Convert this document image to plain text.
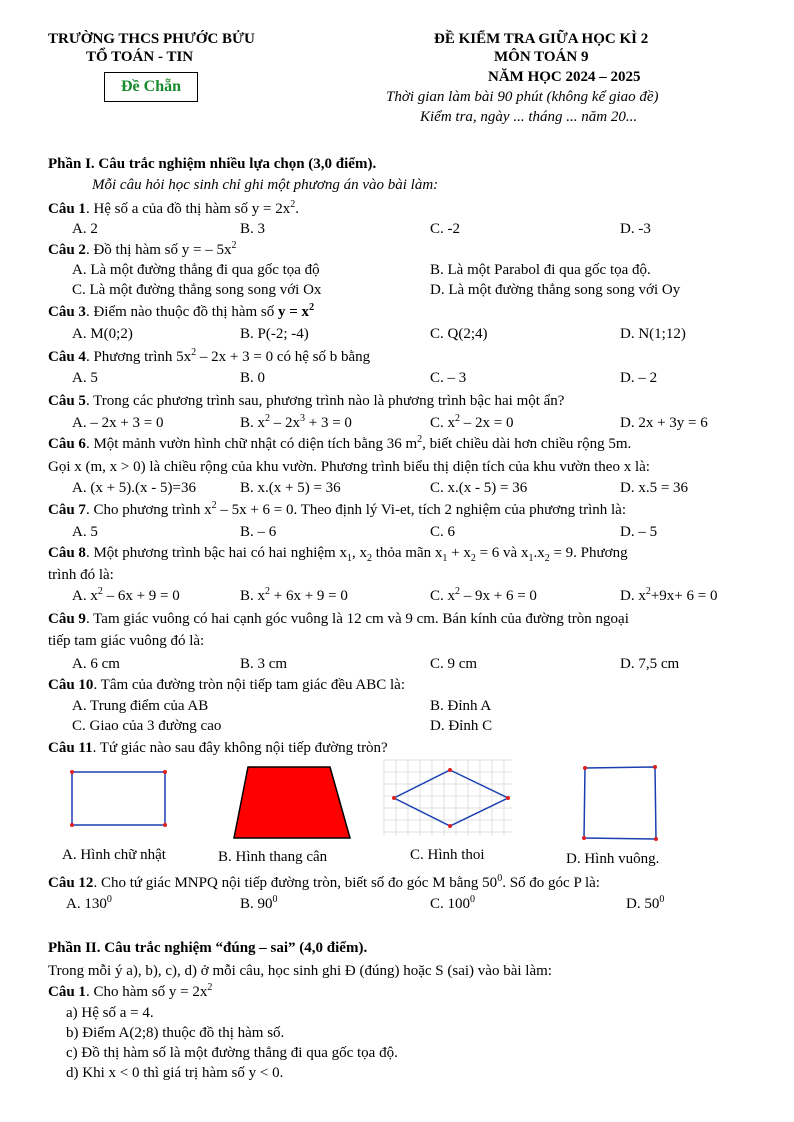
TRƯỜNG THCS PHƯỚC BỬU
TỔ TOÁN - TIN
Đề Chẵn
ĐỀ KIỂM TRA GIỮA HỌC KÌ 2
MÔN TOÁN 9
NĂM HỌC 2024 – 2025
Thời gian làm bài 90 phút (không kể giao đề)
Kiểm tra, ngày ... tháng ... năm 20...
Phần I. Câu trắc nghiệm nhiều lựa chọn (3,0 điểm).
Mỗi câu hỏi học sinh chỉ ghi một phương án vào bài làm:
Câu 1. Hệ số a của đồ thị hàm số $y = 2x^2$.
A. 2	B. 3	C. -2	D. -3
Câu 2. Đồ thị hàm số y = – $5x^2$
A. Là một đường thẳng đi qua gốc tọa độ	B. Là một Parabol đi qua gốc tọa độ.
C. Là một đường thẳng song song với Ox	D. Là một đường thẳng song song với Oy
Câu 3. Điểm nào thuộc đồ thị hàm số $y = x^2$
A. M(0;2)	B. P(-2; -4)	C. Q(2;4)	D. N(1;12)
Câu 4. Phương trình $5x^2 - 2x + 3 = 0$ có hệ số b bằng
A. 5	B. 0	C. – 3	D. – 2
Câu 5. Trong các phương trình sau, phương trình nào là phương trình bậc hai một ẩn?
A. – 2x + 3 = 0	B. $x^2 - 2x^3 + 3 = 0$	C. $x^2 - 2x = 0$	D. 2x + 3y = 6
Câu 6. Một mảnh vườn hình chữ nhật có diện tích bằng 36 $m^2$, biết chiều dài hơn chiều rộng 5m.
Gọi x (m, x > 0) là chiều rộng của khu vườn. Phương trình biểu thị diện tích của khu vườn theo x là:
A. (x + 5).(x - 5)=36	B. x.(x + 5) = 36	C. x.(x - 5) = 36	D. x.5 = 36
Câu 7. Cho phương trình $x^2 - 5x + 6 = 0$. Theo định lý Vi-et, tích 2 nghiệm của phương trình là:
A. 5	B. – 6	C. 6	D. – 5
Câu 8. Một phương trình bậc hai có hai nghiệm $x_1$, $x_2$ thỏa mãn $x_1 + x_2 = 6$ và $x_1.x_2 = 9$. Phương
trình đó là:
A. $x^2 - 6x + 9 = 0$	B. $x^2 + 6x + 9 = 0$	C. $x^2 - 9x + 6 = 0$	D. $x^2+9x+ 6 = 0$
Câu 9. Tam giác vuông có hai cạnh góc vuông là 12 cm và 9 cm. Bán kính của đường tròn ngoại
tiếp tam giác vuông đó là:
A. 6 cm	B. 3 cm	C. 9 cm	D. 7,5 cm
Câu 10. Tâm của đường tròn nội tiếp tam giác đều ABC là:
A. Trung điểm của AB	B. Đỉnh A
C. Giao của 3 đường cao	D. Đỉnh C
Câu 11. Tứ giác nào sau đây không nội tiếp đường tròn?
A. Hình chữ nhật	B. Hình thang cân	C. Hình thoi	D. Hình vuông.
Câu 12. Cho tứ giác MNPQ nội tiếp đường tròn, biết số đo góc M bằng $50^0$. Số đo góc P là:
A. $130^0$	B. $90^0$	C. $100^0$	D. $50^0$
Phần II. Câu trắc nghiệm “đúng – sai” (4,0 điểm).
Trong mỗi ý a), b), c), d) ở mỗi câu, học sinh ghi Đ (đúng) hoặc S (sai) vào bài làm:
Câu 1. Cho hàm số $y = 2x^2$
a) Hệ số a = 4.
b) Điểm A(2;8) thuộc đồ thị hàm số.
c) Đồ thị hàm số là một đường thẳng đi qua gốc tọa độ.
d) Khi x < 0 thì giá trị hàm số y < 0.
